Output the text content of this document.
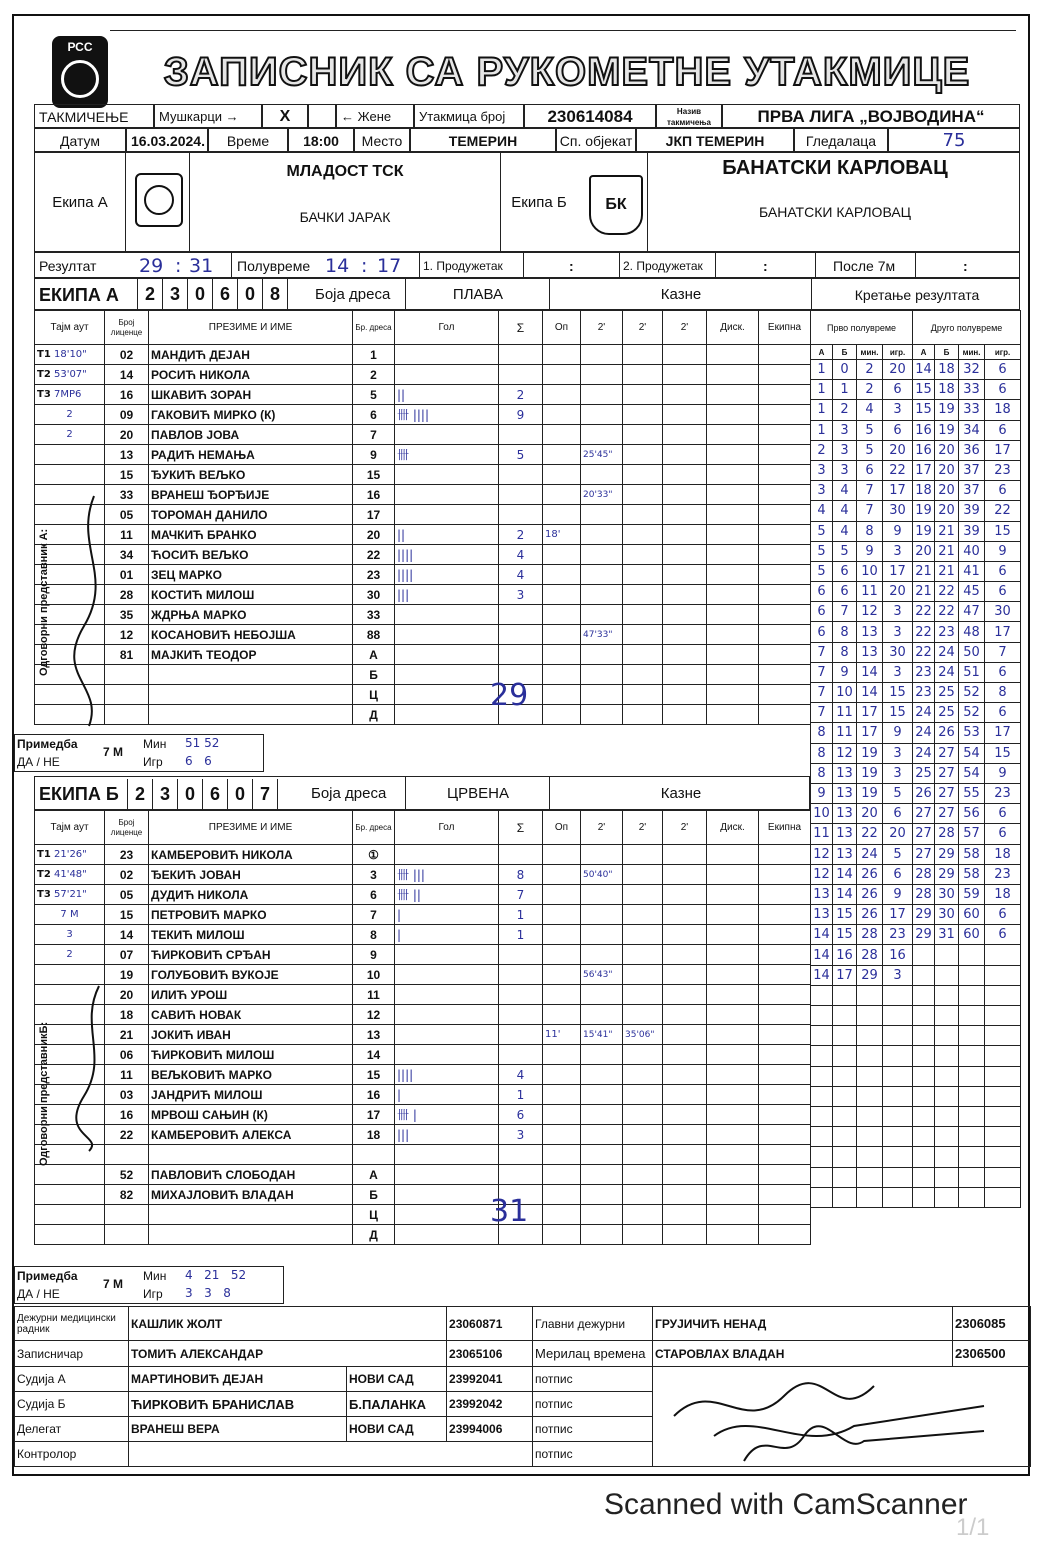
РСС
ЗАПИСНИК СА РУКОМЕТНЕ УТАКМИЦЕ
ТАКМИЧЕЊЕ	Мушкарци →	X	← Жене	Утакмица број	230614084	Назив такмичења	ПРВА ЛИГА „ВОЈВОДИНА“
Датум	16.03.2024.	Време	18:00	Место	ТЕМЕРИН	Сп. објекат	ЈКП ТЕМЕРИН	Гледалаца	75
Екипа А
МЛАДОСТ ТСК
БАЧКИ ЈАРАК
Екипа Б	БК
БАНАТСКИ КАРЛОВАЦ
БАНАТСКИ КАРЛОВАЦ
Резултат 29 : 31 Полувреме 14 : 17 1. Продужетак	:	2. Продужетак	:	После 7м	:
ЕКИПА А	2 3 0 6 0 8	Боја дреса	ПЛАВА	Казне	Кретање резултата
Тајм аут	Број лиценце	ПРЕЗИМЕ И ИМЕ	Бр. дреса	Гол	Σ	Оп	2'	2'	2'	Диск.	Екипна
T1 18'10"	02	МАНДИЋ ДЕЈАН	1								
T2 53'07"	14	РОСИЋ НИКОЛА	2								
T3 7МР6	16	ШКАВИЋ ЗОРАН	5	||	2						
2	09	ГАКОВИЋ МИРКО (К)	6	卌 ||||	9						
2	20	ПАВЛОВ ЈОВА	7								
	13	РАДИЋ НЕМАЊА	9	卌	5		25'45"				
	15	ЂУКИЋ ВЕЉКО	15								
	33	ВРАНЕШ ЂОРЂИЈЕ	16				20'33"				
	05	ТОРОМАН ДАНИЛО	17								
	11	МАЧКИЋ БРАНКО	20	||	2	18'					
	34	ЋОСИЋ ВЕЉКО	22	||||	4						
	01	ЗЕЦ МАРКО	23	||||	4						
	28	КОСТИЋ МИЛОШ	30	|||	3						
	35	ЖДРЊА МАРКО	33								
	12	КОСАНОВИЋ НЕБОЈША	88				47'33"				
	81	МАЈКИЋ ТЕОДОР	А								
			Б								
			Ц								
			Д								
Одговорни представник А:
29
Примедба
ДА / НЕ
7 М
Мин
Игр
51 52
6 6
ЕКИПА Б 2 3 0 6 0 7	Боја дреса	ЦРВЕНА	Казне
Тајм аут	Број лиценце	ПРЕЗИМЕ И ИМЕ	Бр. дреса	Гол	Σ	Оп	2'	2'	2'	Диск.	Екипна
T1 21'26"	23	КАМБЕРОВИЋ НИКОЛА	①								
T2 41'48"	02	ЂЕКИЋ ЈОВАН	3	卌 |||	8		50'40"				
T3 57'21"	05	ДУДИЋ НИКОЛА	6	卌 ||	7						
7 М	15	ПЕТРОВИЋ МАРКО	7	|	1						
3	14	ТЕКИЋ МИЛОШ	8	|	1						
2	07	ЋИРКОВИЋ СРЂАН	9								
	19	ГОЛУБОВИЋ ВУКОЈЕ	10				56'43"				
	20	ИЛИЋ УРОШ	11								
	18	САВИЋ НОВАК	12								
	21	ЈОКИЋ ИВАН	13			11'	15'41"	35'06"			
	06	ЋИРКОВИЋ МИЛОШ	14								
	11	ВЕЉКОВИЋ МАРКО	15	||||	4						
	03	ЈАНДРИЋ МИЛОШ	16	|	1						
	16	МРВОШ САЊИН (К)	17	卌 |	6						
	22	КАМБЕРОВИЋ АЛЕКСА	18	|||	3						

	52	ПАВЛОВИЋ СЛОБОДАН	А								
	82	МИХАЈЛОВИЋ ВЛАДАН	Б								
			Ц								
			Д								
Одговорни представникБ:
31
Примедба
ДА / НЕ
7 М
Мин
Игр
4 21 52
3 3 8
Прво полувреме				Друго полувреме			
А	Б	мин.	игр.	А	Б	мин.	игр.
1	0	2	20	14	18	32	6
1	1	2	6	15	18	33	6
1	2	4	3	15	19	33	18
1	3	5	6	16	19	34	6
2	3	5	20	16	20	36	17
3	3	6	22	17	20	37	23
3	4	7	17	18	20	37	6
4	4	7	30	19	20	39	22
5	4	8	9	19	21	39	15
5	5	9	3	20	21	40	9
5	6	10	17	21	21	41	6
6	6	11	20	21	22	45	6
6	7	12	3	22	22	47	30
6	8	13	3	22	23	48	17
7	8	13	30	22	24	50	7
7	9	14	3	23	24	51	6
7	10	14	15	23	25	52	8
7	11	17	15	24	25	52	6
8	11	17	9	24	26	53	17
8	12	19	3	24	27	54	15
8	13	19	3	25	27	54	9
9	13	19	5	26	27	55	23
10	13	20	6	27	27	56	6
11	13	22	20	27	28	57	6
12	13	24	5	27	29	58	18
12	14	26	6	28	29	58	23
13	14	26	9	28	30	59	18
13	15	26	17	29	30	60	6
14	15	28	23	29	31	60	6
14	16	28	16				
14	17	29	3				

Дежурни медицински радник	КАШЛИК ЖОЛТ		23060871	Главни дежурни	ГРУЈИЧИЋ НЕНАД	2306085
Записничар	ТОМИЋ АЛЕКСАНДАР		23065106	Мерилац времена	СТАРОВЛАХ ВЛАДАН	2306500
Судија А	МАРТИНОВИЋ ДЕЈАН	НОВИ САД	23992041	потпис		
Судија Б	ЋИРКОВИЋ БРАНИСЛАВ	Б.ПАЛАНКА	23992042	потпис		
Делегат	ВРАНЕШ ВЕРА	НОВИ САД	23994006	потпис		
Контролор				потпис		
Scanned with CamScanner
1/1
